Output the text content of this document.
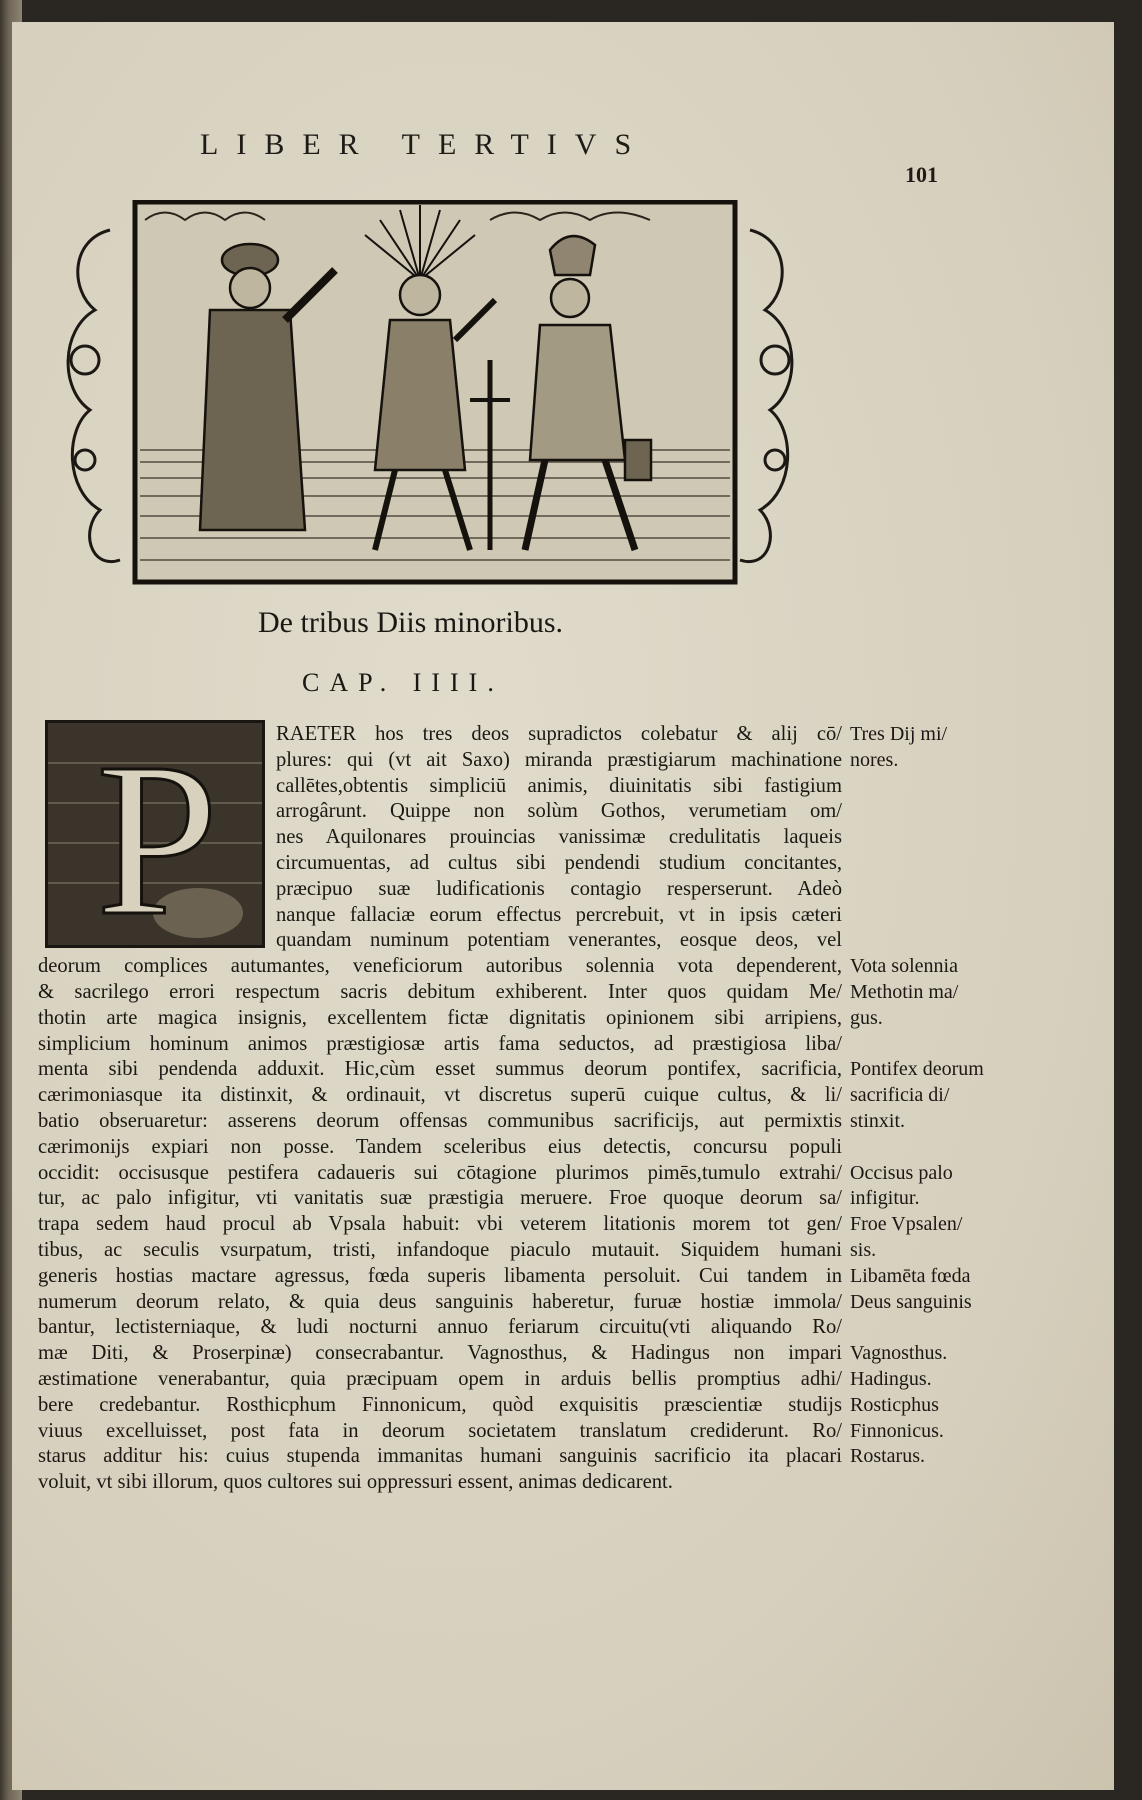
LIBER TERTIVS
101
De tribus Diis minoribus.
CAP. IIII.
P	RAETER hos tres deos supradictos colebatur & alij cō/
plures: qui (vt ait Saxo) miranda præstigiarum machinatione
callētes,obtentis simpliciū animis, diuinitatis sibi fastigium
arrogârunt. Quippe non solùm Gothos, verumetiam om/
nes Aquilonares prouincias vanissimæ credulitatis laqueis
circumuentas, ad cultus sibi pendendi studium concitantes,
præcipuo suæ ludificationis contagio resperserunt. Adeò
nanque fallaciæ eorum effectus percrebuit, vt in ipsis cæteri
quandam numinum potentiam venerantes, eosque deos, vel
deorum complices autumantes, veneficiorum autoribus solennia vota dependerent,
& sacrilego errori respectum sacris debitum exhiberent. Inter quos quidam Me/
thotin arte magica insignis, excellentem fictæ dignitatis opinionem sibi arripiens,
simplicium hominum animos præstigiosæ artis fama seductos, ad præstigiosa liba/
menta sibi pendenda adduxit. Hic,cùm esset summus deorum pontifex, sacrificia,
cærimoniasque ita distinxit, & ordinauit, vt discretus superū cuique cultus, & li/
batio obseruaretur: asserens deorum offensas communibus sacrificijs, aut permixtis
cærimonijs expiari non posse. Tandem sceleribus eius detectis, concursu populi
occidit: occisusque pestifera cadaueris sui cōtagione plurimos pimēs,tumulo extrahi/
tur, ac palo infigitur, vti vanitatis suæ præstigia meruere. Froe quoque deorum sa/
trapa sedem haud procul ab Vpsala habuit: vbi veterem litationis morem tot gen/
tibus, ac seculis vsurpatum, tristi, infandoque piaculo mutauit. Siquidem humani
generis hostias mactare agressus, fœda superis libamenta persoluit. Cui tandem in
numerum deorum relato, & quia deus sanguinis haberetur, furuæ hostiæ immola/
bantur, lectisterniaque, & ludi nocturni annuo feriarum circuitu(vti aliquando Ro/
mæ Diti, & Proserpinæ) consecrabantur. Vagnosthus, & Hadingus non impari
æstimatione venerabantur, quia præcipuam opem in arduis bellis promptius adhi/
bere credebantur. Rosthicphum Finnonicum, quòd exquisitis præscientiæ studijs
viuus excelluisset, post fata in deorum societatem translatum crediderunt. Ro/
starus additur his: cuius stupenda immanitas humani sanguinis sacrificio ita placari
voluit, vt sibi illorum, quos cultores sui oppressuri essent, animas dedicarent.
Tres Dij mi/
nores.
Vota solennia
Methotin ma/
gus.
Pontifex deorum
sacrificia di/
stinxit.
Occisus palo
infigitur.
Froe Vpsalen/
sis.
Libamēta fœda
Deus sanguinis
Vagnosthus.
Hadingus.
Rosticphus
Finnonicus.
Rostarus.
